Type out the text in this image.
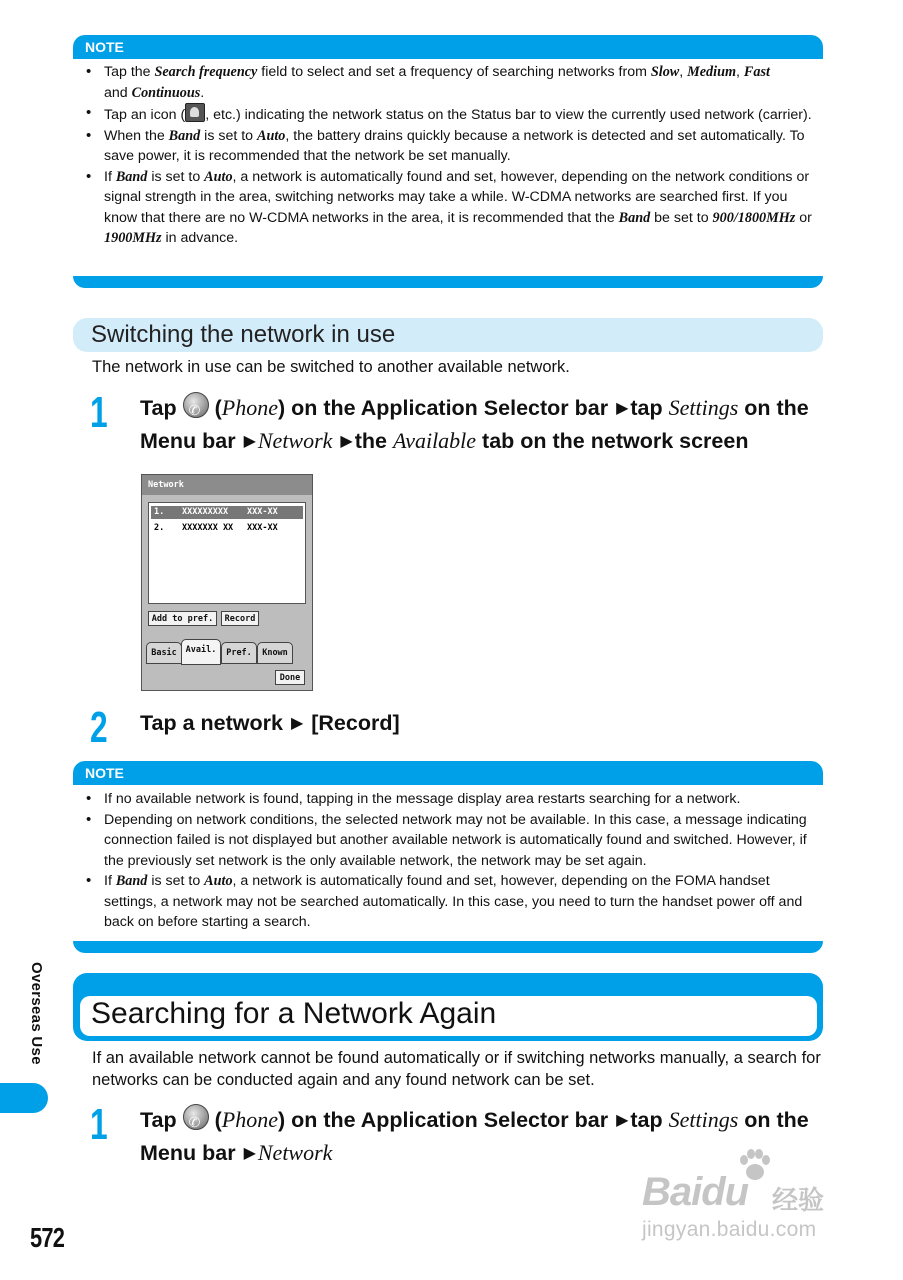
NOTE
• Tap the Search frequency field to select and set a frequency of searching networks from Slow, Medium, Fast
and Continuous.
• Tap an icon ( , etc.) indicating the network status on the Status bar to view the currently used network (carrier).
• When the Band is set to Auto, the battery drains quickly because a network is detected and set automatically. To save power, it is recommended that the network be set manually.
• If Band is set to Auto, a network is automatically found and set, however, depending on the network conditions or signal strength in the area, switching networks may take a while. W-CDMA networks are searched first. If you know that there are no W-CDMA networks in the area, it is recommended that the Band be set to 900/1800MHz or 1900MHz in advance.
Switching the network in use
The network in use can be switched to another available network.
1 Tap ✆ (Phone) on the Application Selector bar ▶tap Settings on the Menu bar ▶Network ▶the Available tab on the network screen
Network
1. XXXXXXXXX XXX-XX
2. XXXXXXX XX XXX-XX
Add to pref.	Record
Basic	Avail.	Pref.	Known
Done
2 Tap a network ▶ [Record]
NOTE
• If no available network is found, tapping in the message display area restarts searching for a network.
• Depending on network conditions, the selected network may not be available. In this case, a message indicating connection failed is not displayed but another available network is automatically found and switched. However, if the previously set network is the only available network, the network may be set again.
• If Band is set to Auto, a network is automatically found and set, however, depending on the FOMA handset settings, a network may not be searched automatically. In this case, you need to turn the handset power off and back on before starting a search.
Searching for a Network Again
If an available network cannot be found automatically or if switching networks manually, a search for networks can be conducted again and any found network can be set.
1 Tap ✆ (Phone) on the Application Selector bar ▶tap Settings on the Menu bar ▶Network
Overseas Use
572
Baidu 经验
jingyan.baidu.com
